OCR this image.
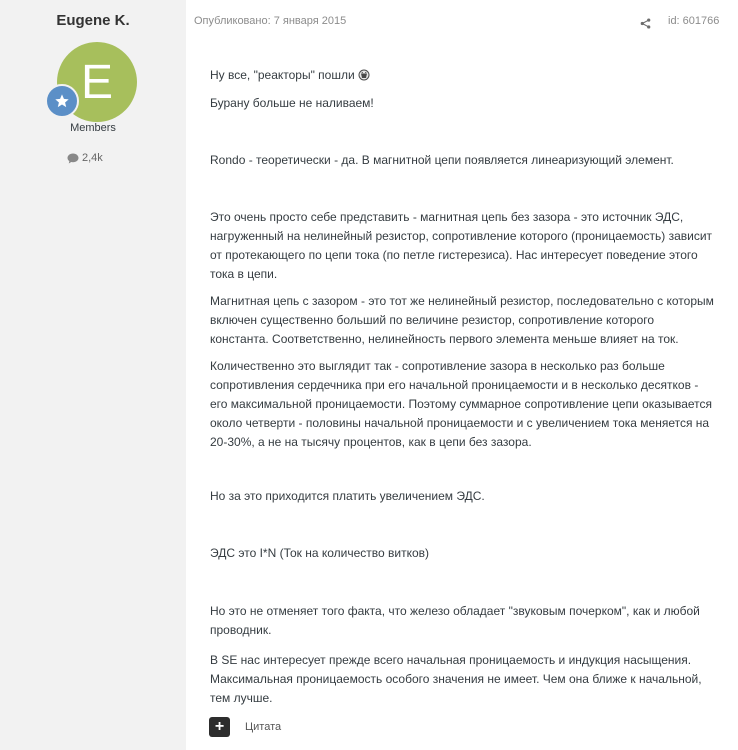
Eugene K.
E
Members
2,4k
Опубликовано: 7 января 2015	id: 601766

Ну все, "реакторы" пошли

Бурану больше не наливаем!

Rondo - теоретически - да. В магнитной цепи появляется линеаризующий элемент.

Это очень просто себе представить - магнитная цепь без зазора - это источник ЭДС, нагруженный на нелинейный резистор, сопротивление которого (проницаемость) зависит от протекающего по цепи тока (по петле гистерезиса). Нас интересует поведение этого тока в цепи.

Магнитная цепь с зазором - это тот же нелинейный резистор, последовательно с которым включен существенно больший по величине резистор, сопротивление которого константа. Соответственно, нелинейность первого элемента меньше влияет на ток.

Количественно это выглядит так - сопротивление зазора в несколько раз больше сопротивления сердечника при его начальной проницаемости и в несколько десятков - его максимальной проницаемости. Поэтому суммарное сопротивление цепи оказывается около четверти - половины начальной проницаемости и с увеличением тока меняется на 20-30%, а не на тысячу процентов, как в цепи без зазора.

Но за это приходится платить увеличением ЭДС.

ЭДС это I*N (Ток на количество витков)

Но это не отменяет того факта, что железо обладает "звуковым почерком", как и любой проводник.

В SE нас интересует прежде всего начальная проницаемость и индукция насыщения. Максимальная проницаемость особого значения не имеет. Чем она ближе к начальной, тем лучше.

+ Цитата
